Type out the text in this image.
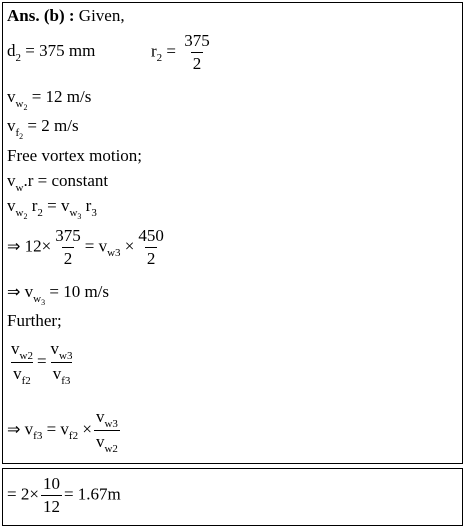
Ans. (b) : Given,
$d_2 = 375$ mm	$r_2 = \frac{375}{2}$
$v_{w_2} = 12$ m/s
$v_{f_2} = 2$ m/s
Free vortex motion;
$v_w.r$ = constant
$v_{w_2}$ $r_2 = v_{w_3}$ $r_3$
⇒ $12\times \frac{375}{2} = v_{w3} \times \frac{450}{2}$
⇒ $v_{w_3} = 10$ m/s
Further;
$\frac{v_{w2}}{v_{f2}} = \frac{v_{w3}}{v_{f3}}$
⇒ $v_{f3} = v_{f2} \times \frac{v_{w3}}{v_{w2}}$
= $2\times \frac{10}{12} = 1.67m$
